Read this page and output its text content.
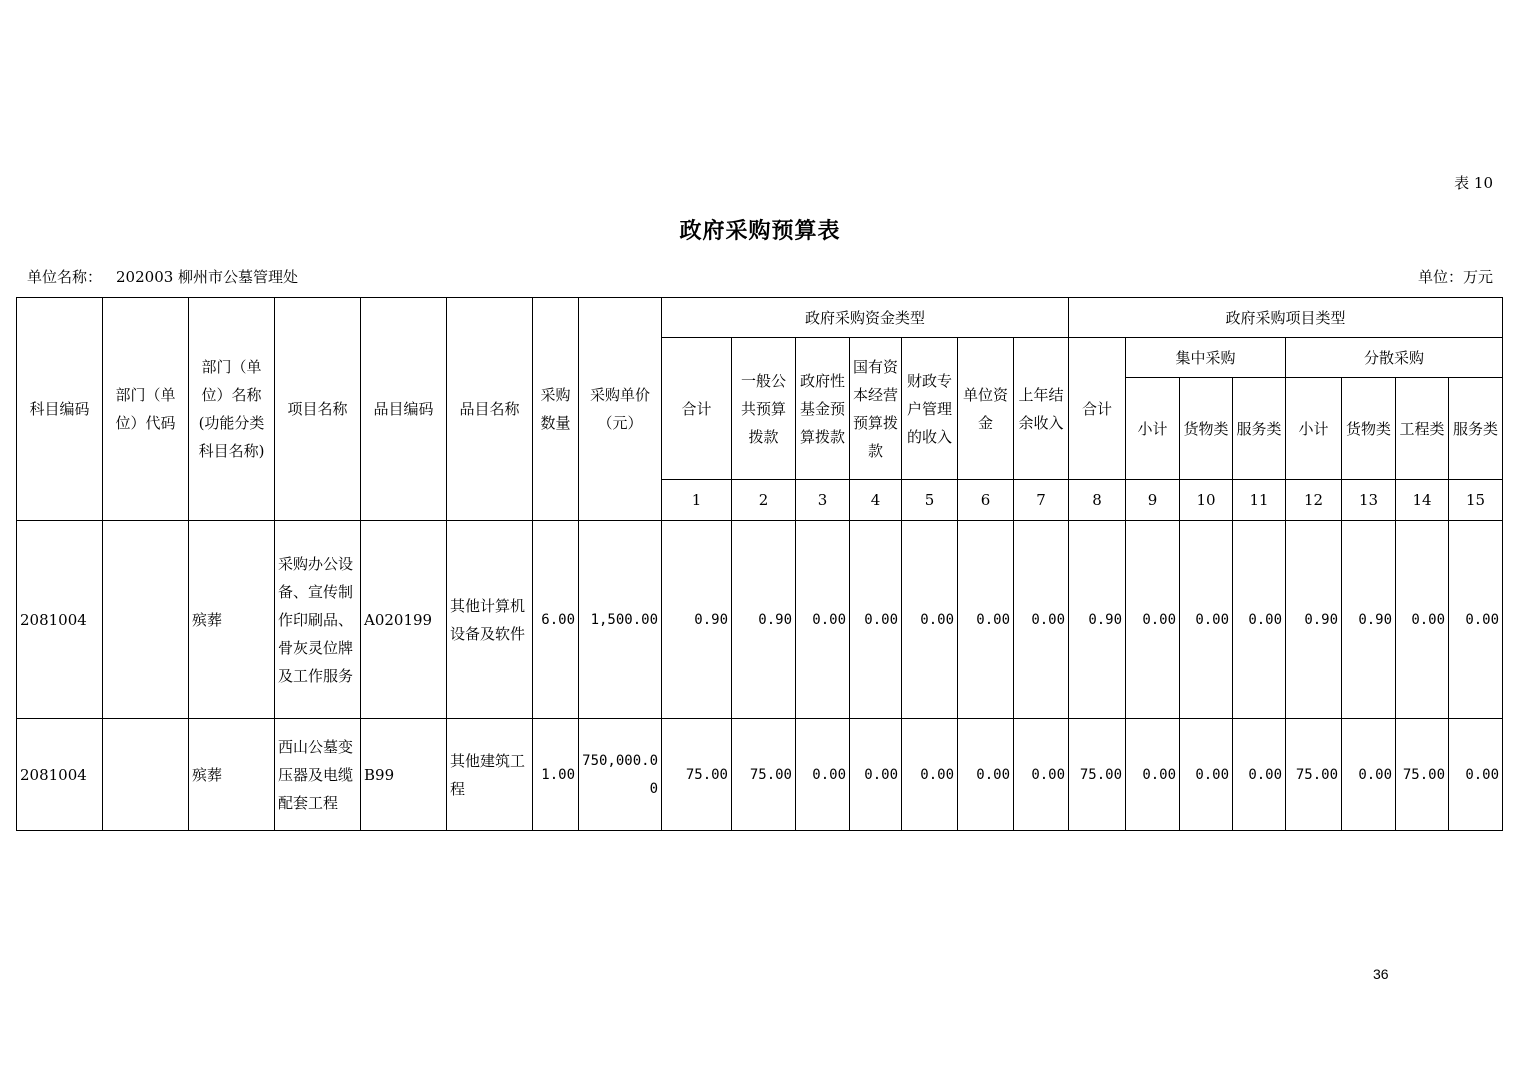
表 10
政府采购预算表
单位名称： 202003 柳州市公墓管理处	单位：万元
科目编码	部门（单位）代码	部门（单位）名称(功能分类科目名称)	项目名称	品目编码	品目名称	采购数量	采购单价（元）	政府采购资金类型							政府采购项目类型							
								合计	一般公共预算拨款	政府性基金预算拨款	国有资本经营预算拨款	财政专户管理的收入	单位资金	上年结余收入	合计	集中采购			分散采购			
																小计	货物类	服务类	小计	货物类	工程类	服务类
								1	2	3	4	5	6	7	8	9	10	11	12	13	14	15
2081004		殡葬	采购办公设备、宣传制作印刷品、骨灰灵位牌及工作服务	A020199	其他计算机设备及软件	6.00	1,500.00	0.90	0.90	0.00	0.00	0.00	0.00	0.00	0.90	0.00	0.00	0.00	0.90	0.90	0.00	0.00
2081004		殡葬	西山公墓变压器及电缆配套工程	B99	其他建筑工程	1.00	750,000.00	75.00	75.00	0.00	0.00	0.00	0.00	0.00	75.00	0.00	0.00	0.00	75.00	0.00	75.00	0.00
36
